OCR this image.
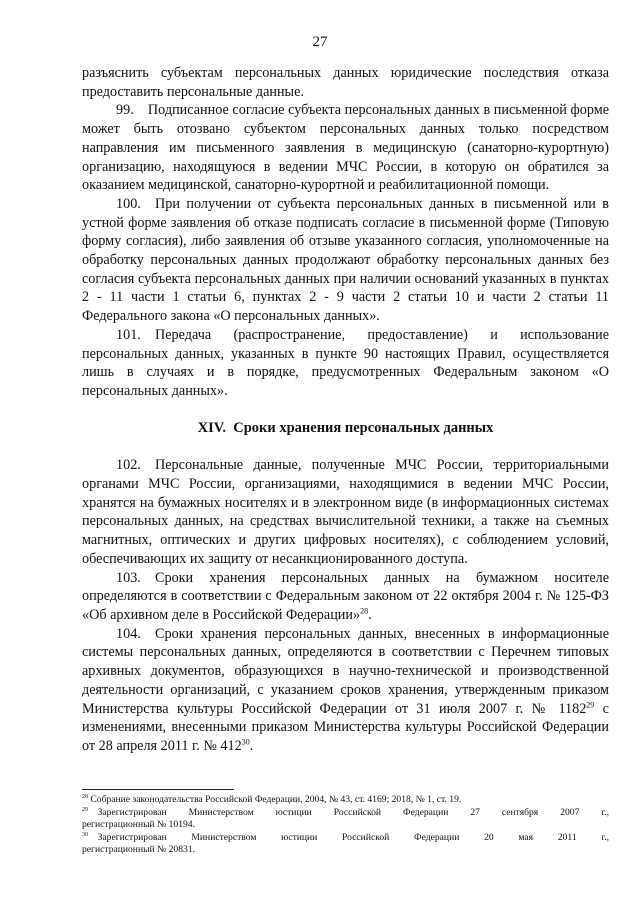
27

разъяснить субъектам персональных данных юридические последствия отказа предоставить персональные данные.

99. Подписанное согласие субъекта персональных данных в письменной форме может быть отозвано субъектом персональных данных только посредством направления им письменного заявления в медицинскую (санаторно-курортную) организацию, находящуюся в ведении МЧС России, в которую он обратился за оказанием медицинской, санаторно-курортной и реабилитационной помощи.

100. При получении от субъекта персональных данных в письменной или в устной форме заявления об отказе подписать согласие в письменной форме (Типовую форму согласия), либо заявления об отзыве указанного согласия, уполномоченные на обработку персональных данных продолжают обработку персональных данных без согласия субъекта персональных данных при наличии оснований указанных в пунктах 2 - 11 части 1 статьи 6, пунктах 2 - 9 части 2 статьи 10 и части 2 статьи 11 Федерального закона «О персональных данных».

101. Передача (распространение, предоставление) и использование персональных данных, указанных в пункте 90 настоящих Правил, осуществляется лишь в случаях и в порядке, предусмотренных Федеральным законом «О персональных данных».

XIV. Сроки хранения персональных данных

102. Персональные данные, полученные МЧС России, территориальными органами МЧС России, организациями, находящимися в ведении МЧС России, хранятся на бумажных носителях и в электронном виде (в информационных системах персональных данных, на средствах вычислительной техники, а также на съемных магнитных, оптических и других цифровых носителях), с соблюдением условий, обеспечивающих их защиту от несанкционированного доступа.

103. Сроки хранения персональных данных на бумажном носителе определяются в соответствии с Федеральным законом от 22 октября 2004 г. № 125-ФЗ «Об архивном деле в Российской Федерации»$^{28}$.

104. Сроки хранения персональных данных, внесенных в информационные системы персональных данных, определяются в соответствии с Перечнем типовых архивных документов, образующихся в научно-технической и производственной деятельности организаций, с указанием сроков хранения, утвержденным приказом Министерства культуры Российской Федерации от 31 июля 2007 г. № 1182$^{29}$ с изменениями, внесенными приказом Министерства культуры Российской Федерации от 28 апреля 2011 г. № $412^{30}$.

$^{28}$ Собрание законодательства Российской Федерации, 2004, № 43, ст. 4169; 2018, № 1, ст. 19.

$^{29}$ Зарегистрирован Министерством юстиции Российской Федерации 27 сентября 2007 г.,

регистрационный № 10194.

$^{30}$ Зарегистрирован	Министерством	юстиции	Российской	Федерации	20	мая	2011	г.,

регистрационный № 20831.
